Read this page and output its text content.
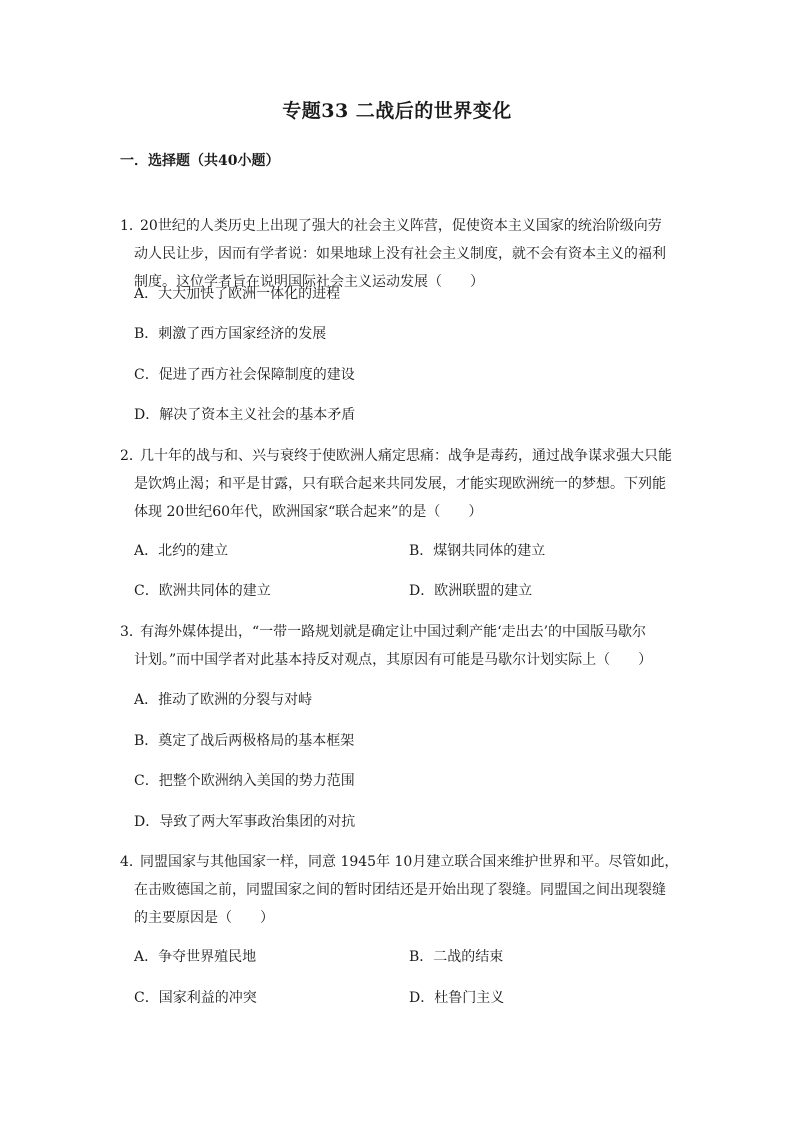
专题33 二战后的世界变化
一．选择题（共40小题）

1．20世纪的人类历史上出现了强大的社会主义阵营，促使资本主义国家的统治阶级向劳

动人民让步，因而有学者说：如果地球上没有社会主义制度，就不会有资本主义的福利

制度。这位学者旨在说明国际社会主义运动发展（　　）

A．大大加快了欧洲一体化的进程
B．刺激了西方国家经济的发展
C．促进了西方社会保障制度的建设
D．解决了资本主义社会的基本矛盾

2．几十年的战与和、兴与衰终于使欧洲人痛定思痛：战争是毒药，通过战争谋求强大只能

是饮鸩止渴；和平是甘露，只有联合起来共同发展，才能实现欧洲统一的梦想。下列能

体现 20世纪60年代，欧洲国家“联合起来”的是（　　）

A．北约的建立	B．煤钢共同体的建立
C．欧洲共同体的建立	D．欧洲联盟的建立

3．有海外媒体提出，“一带一路规划就是确定让中国过剩产能‘走出去’的中国版马歇尔

计划。”而中国学者对此基本持反对观点，其原因有可能是马歇尔计划实际上（　　）

A．推动了欧洲的分裂与对峙
B．奠定了战后两极格局的基本框架
C．把整个欧洲纳入美国的势力范围
D．导致了两大军事政治集团的对抗

4．同盟国家与其他国家一样，同意 1945年 10月建立联合国来维护世界和平。尽管如此，

在击败德国之前，同盟国家之间的暂时团结还是开始出现了裂缝。同盟国之间出现裂缝

的主要原因是（　　）

A．争夺世界殖民地	B．二战的结束
C．国家利益的冲突	D．杜鲁门主义
